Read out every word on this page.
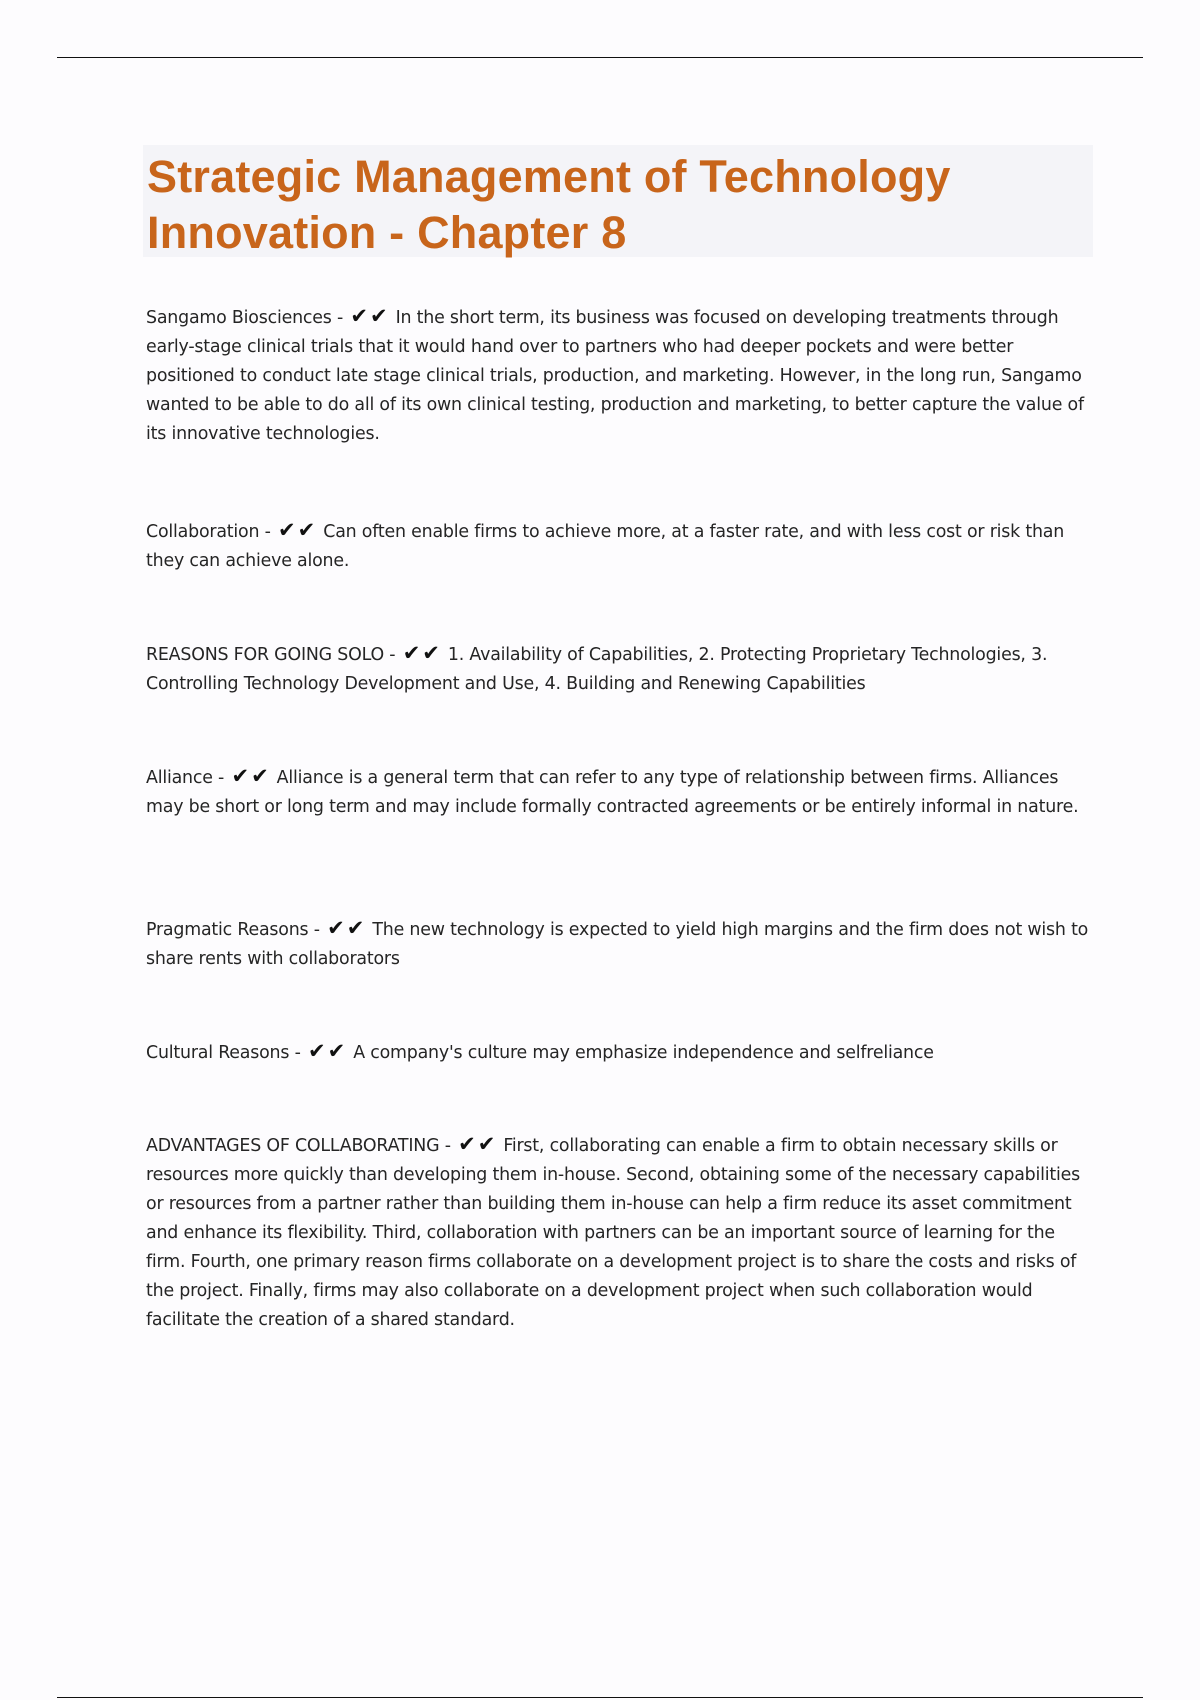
Strategic Management of Technology Innovation - Chapter 8
Sangamo Biosciences - ✔✔ In the short term, its business was focused on developing treatments through early-stage clinical trials that it would hand over to partners who had deeper pockets and were better positioned to conduct late stage clinical trials, production, and marketing. However, in the long run, Sangamo wanted to be able to do all of its own clinical testing, production and marketing, to better capture the value of its innovative technologies.
Collaboration - ✔✔ Can often enable firms to achieve more, at a faster rate, and with less cost or risk than they can achieve alone.
REASONS FOR GOING SOLO - ✔✔ 1. Availability of Capabilities, 2. Protecting Proprietary Technologies, 3. Controlling Technology Development and Use, 4. Building and Renewing Capabilities
Alliance - ✔✔ Alliance is a general term that can refer to any type of relationship between firms. Alliances may be short or long term and may include formally contracted agreements or be entirely informal in nature.
Pragmatic Reasons - ✔✔ The new technology is expected to yield high margins and the firm does not wish to share rents with collaborators
Cultural Reasons - ✔✔ A company's culture may emphasize independence and selfreliance
ADVANTAGES OF COLLABORATING - ✔✔ First, collaborating can enable a firm to obtain necessary skills or resources more quickly than developing them in-house. Second, obtaining some of the necessary capabilities or resources from a partner rather than building them in-house can help a firm reduce its asset commitment and enhance its flexibility. Third, collaboration with partners can be an important source of learning for the firm. Fourth, one primary reason firms collaborate on a development project is to share the costs and risks of the project. Finally, firms may also collaborate on a development project when such collaboration would facilitate the creation of a shared standard.
